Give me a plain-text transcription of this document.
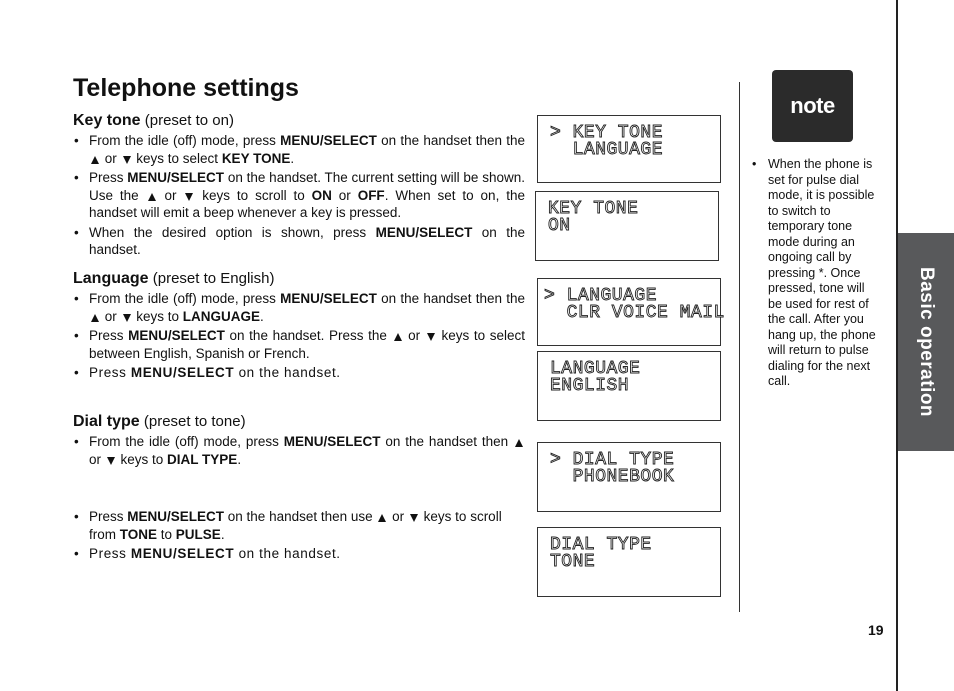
Basic operation
Telephone settings
Key tone (preset to on)
• From the idle (off) mode, press MENU/SELECT on the handset then the  or  keys to select KEY TONE.
• Press MENU/SELECT on the handset. The current setting will be shown. Use the  or  keys to scroll to ON or OFF. When set to on, the handset will emit a beep whenever a key is pressed.
• When the desired option is shown, press MENU/SELECT on the handset.
Language (preset to English)
• From the idle (off) mode, press MENU/SELECT on the handset then the  or  keys to LANGUAGE.
• Press MENU/SELECT on the handset. Press the  or  keys to select between English, Spanish or French.
• Press MENU/SELECT on the handset.
Dial type (preset to tone)
• From the idle (off) mode, press MENU/SELECT on the handset then  or  keys to DIAL TYPE.
• Press MENU/SELECT on the handset then use  or  keys to scroll from TONE to PULSE.
• Press MENU/SELECT on the handset.
> KEY TONE
LANGUAGE
KEY TONE
ON
> LANGUAGE
CLR VOICE MAIL
LANGUAGE
ENGLISH
> DIAL TYPE
PHONEBOOK
DIAL TYPE
TONE
note
• When the phone is set for pulse dial mode, it is possible to switch to temporary tone mode during an ongoing call by pressing *. Once pressed, tone will be used for rest of the call. After you hang up, the phone will return to pulse dialing for the next call.
19
